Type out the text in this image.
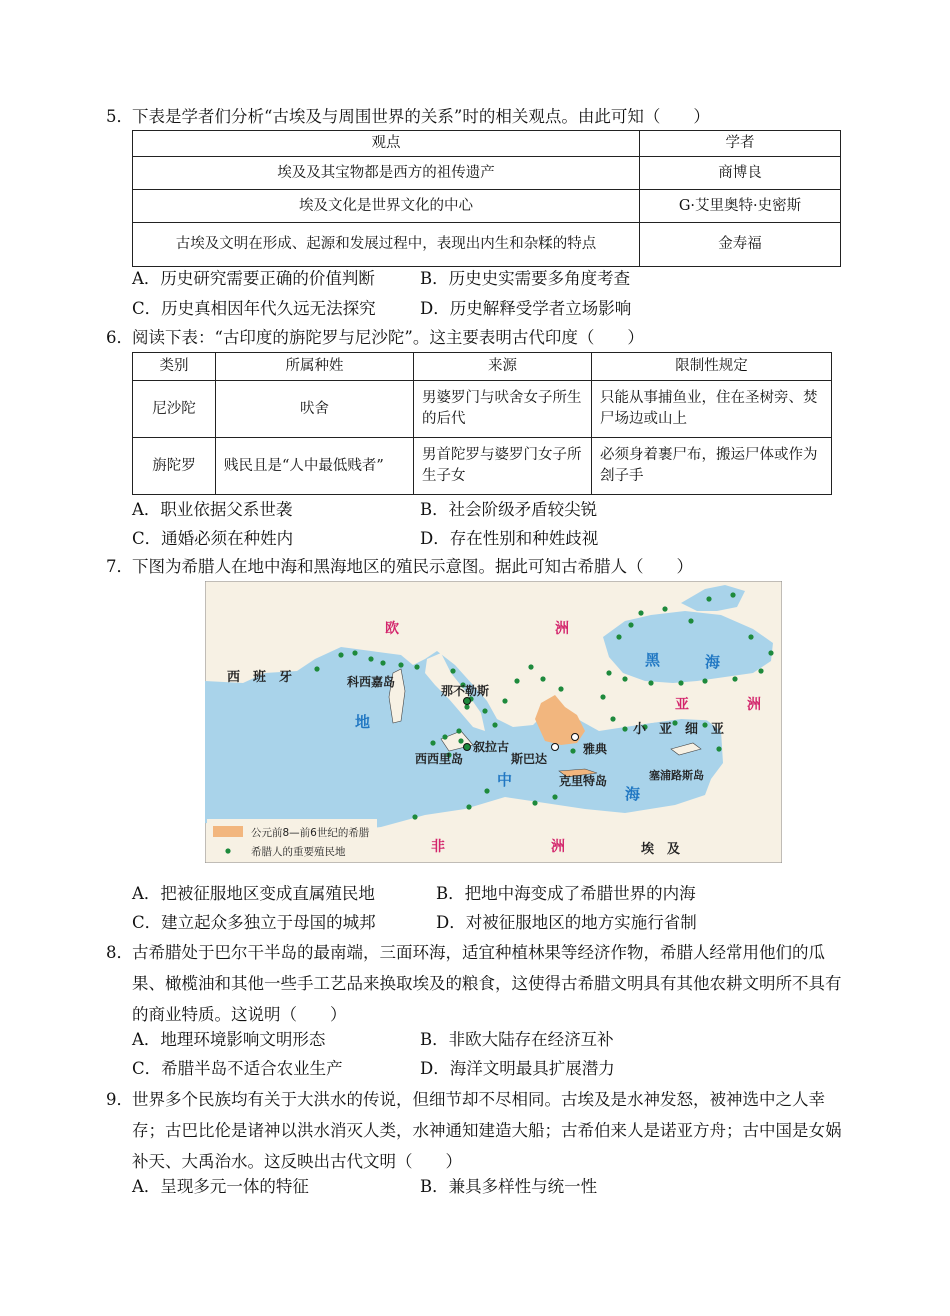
5．下表是学者们分析“古埃及与周围世界的关系”时的相关观点。由此可知（　　）
观点	学者
埃及及其宝物都是西方的祖传遗产	商博良
埃及文化是世界文化的中心	G·艾里奥特·史密斯
古埃及文明在形成、起源和发展过程中，表现出内生和杂糅的特点	金寿福
A．历史研究需要正确的价值判断	B．历史史实需要多角度考查
C．历史真相因年代久远无法探究	D．历史解释受学者立场影响
6．阅读下表：“古印度的旃陀罗与尼沙陀”。这主要表明古代印度（　　）
类别	所属种姓	来源	限制性规定
尼沙陀	吠舍	男婆罗门与吠舍女子所生的后代	只能从事捕鱼业，住在圣树旁、焚尸场边或山上
旃陀罗	贱民且是“人中最低贱者”	男首陀罗与婆罗门女子所生子女	必须身着裹尸布，搬运尸体或作为刽子手
A．职业依据父系世袭	B．社会阶级矛盾较尖锐
C．通婚必须在种姓内	D．存在性别和种姓歧视
7．下图为希腊人在地中海和黑海地区的殖民示意图。据此可知古希腊人（　　）
欧	洲
西　班　牙	科西嘉岛
那不勒斯
黑	海
亚	洲
小　亚　细　亚
地
中
海
叙拉古	雅典
西西里岛	斯巴达
克里特岛	塞浦路斯岛
非	洲	埃　及
公元前8—前6世纪的希腊
希腊人的重要殖民地
A．把被征服地区变成直属殖民地	B．把地中海变成了希腊世界的内海
C．建立起众多独立于母国的城邦	D．对被征服地区的地方实施行省制
8． 古希腊处于巴尔干半岛的最南端，三面环海，适宜种植林果等经济作物，希腊人经常用他们的瓜果、橄榄油和其他一些手工艺品来换取埃及的粮食，这使得古希腊文明具有其他农耕文明所不具有的商业特质。这说明（　　）
A．地理环境影响文明形态	B．非欧大陆存在经济互补
C．希腊半岛不适合农业生产	D．海洋文明最具扩展潜力
9． 世界多个民族均有关于大洪水的传说，但细节却不尽相同。古埃及是水神发怒，被神选中之人幸存；古巴比伦是诸神以洪水消灭人类，水神通知建造大船；古希伯来人是诺亚方舟；古中国是女娲补天、大禹治水。这反映出古代文明（　　）
A．呈现多元一体的特征	B．兼具多样性与统一性
